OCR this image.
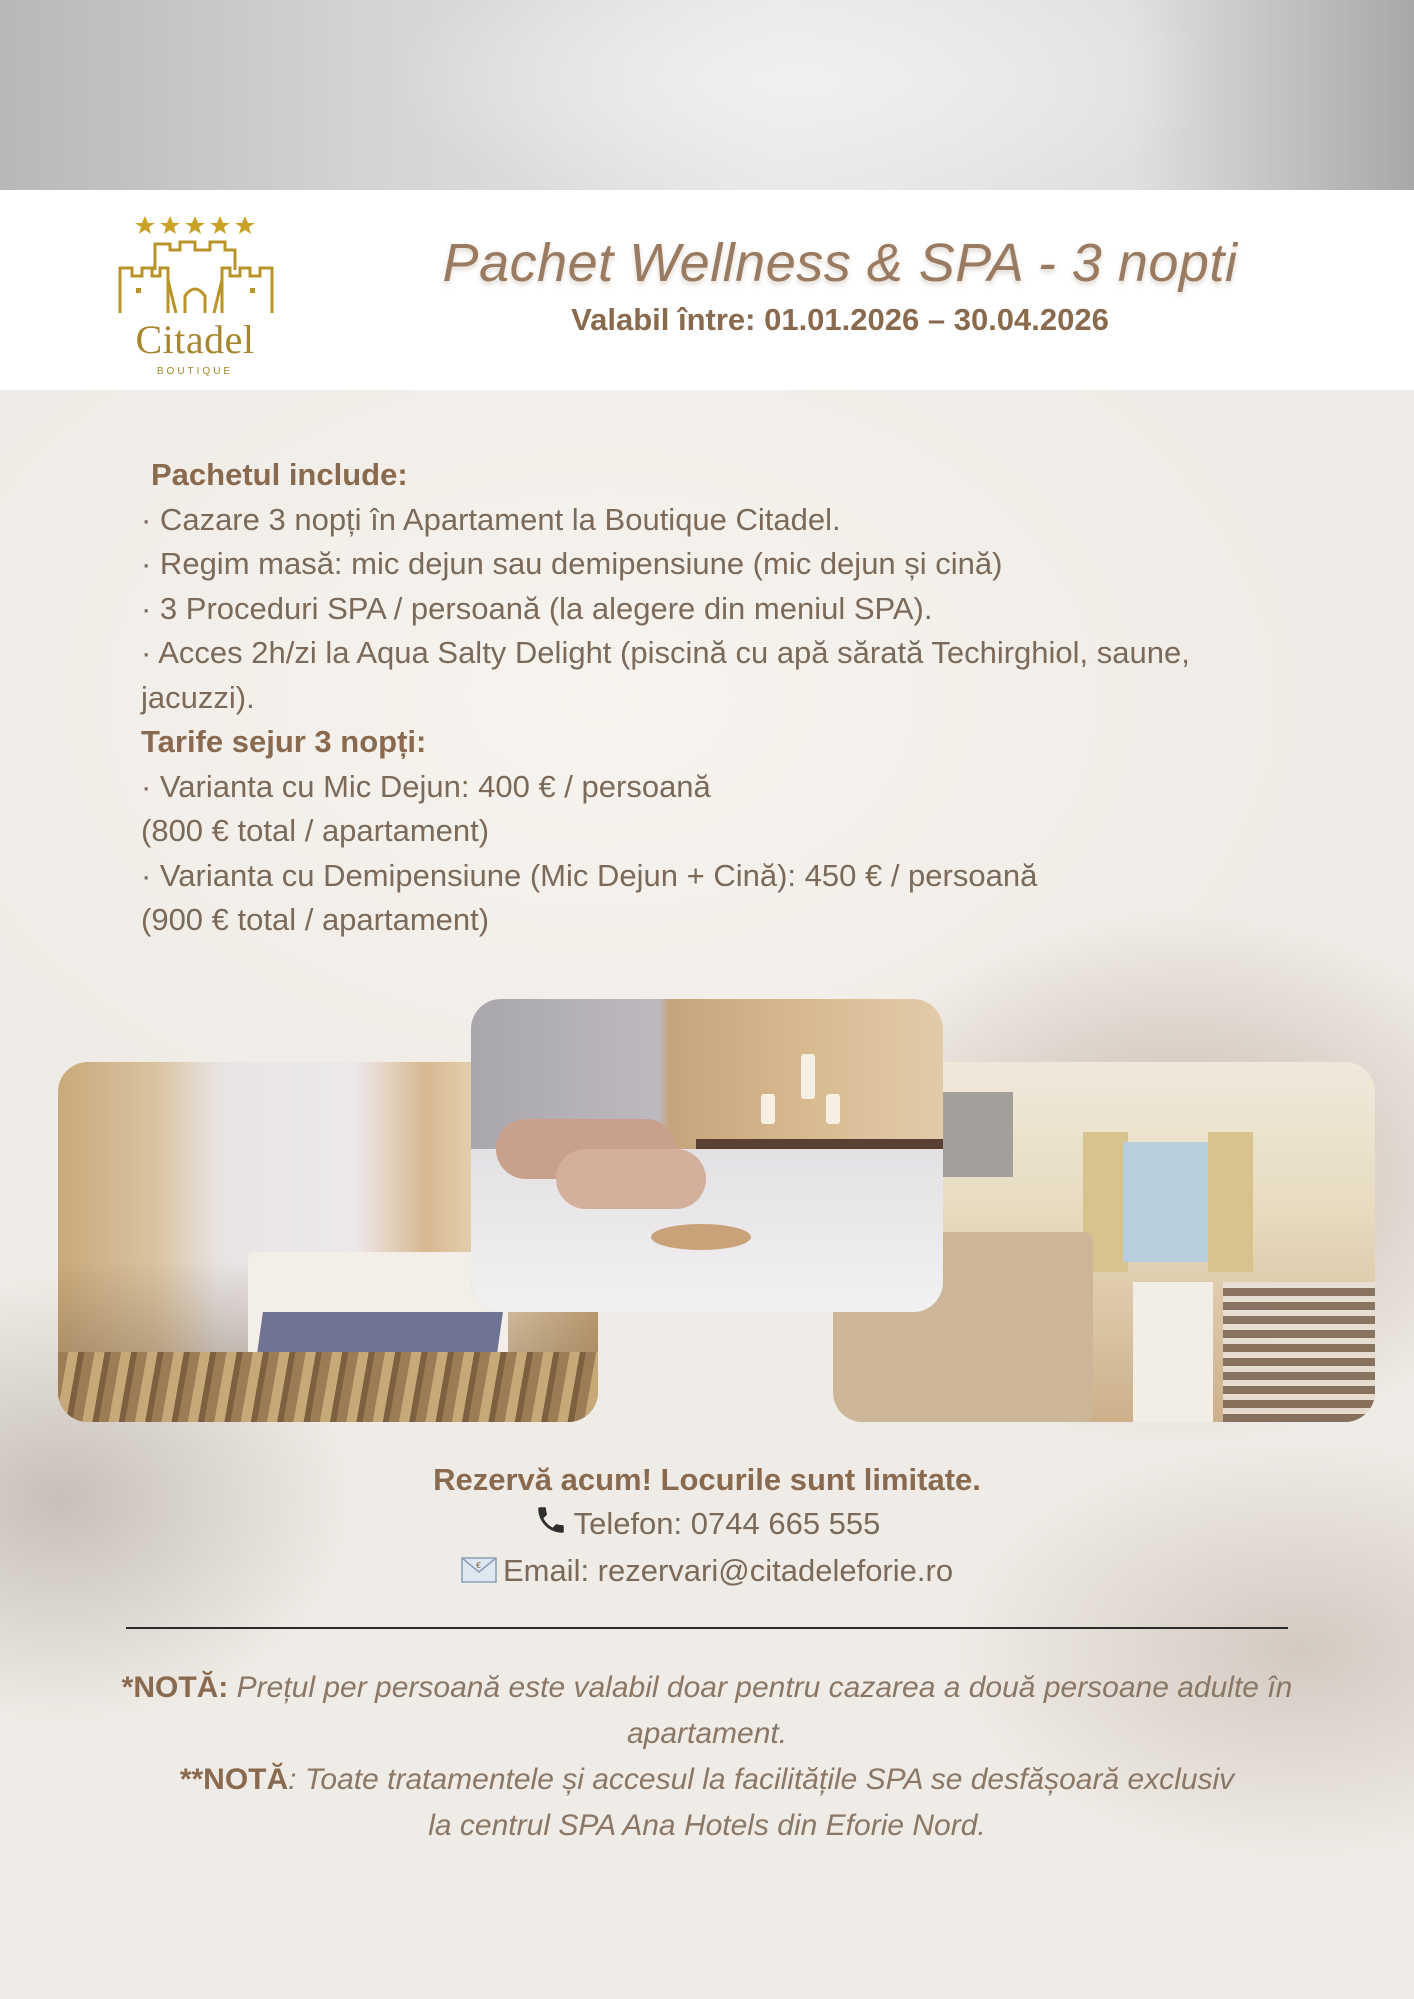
Citadel
BOUTIQUE
Pachet Wellness & SPA - 3 nopti
Valabil între: 01.01.2026 – 30.04.2026
Pachetul include:
· Cazare 3 nopți în Apartament la Boutique Citadel.
· Regim masă: mic dejun sau demipensiune (mic dejun și cină)
· 3 Proceduri SPA / persoană (la alegere din meniul SPA).
· Acces 2h/zi la Aqua Salty Delight (piscină cu apă sărată Techirghiol, saune, jacuzzi).
Tarife sejur 3 nopți:
· Varianta cu Mic Dejun: 400 € / persoană
(800 € total / apartament)
· Varianta cu Demipensiune (Mic Dejun + Cină): 450 € / persoană
(900 € total / apartament)
Rezervă acum! Locurile sunt limitate.
Telefon: 0744 665 555
€ Email: rezervari@citadeleforie.ro
*NOTĂ: Prețul per persoană este valabil doar pentru cazarea a două persoane adulte în apartament.
**NOTĂ: Toate tratamentele și accesul la facilitățile SPA se desfășoară exclusiv la centrul SPA Ana Hotels din Eforie Nord.
